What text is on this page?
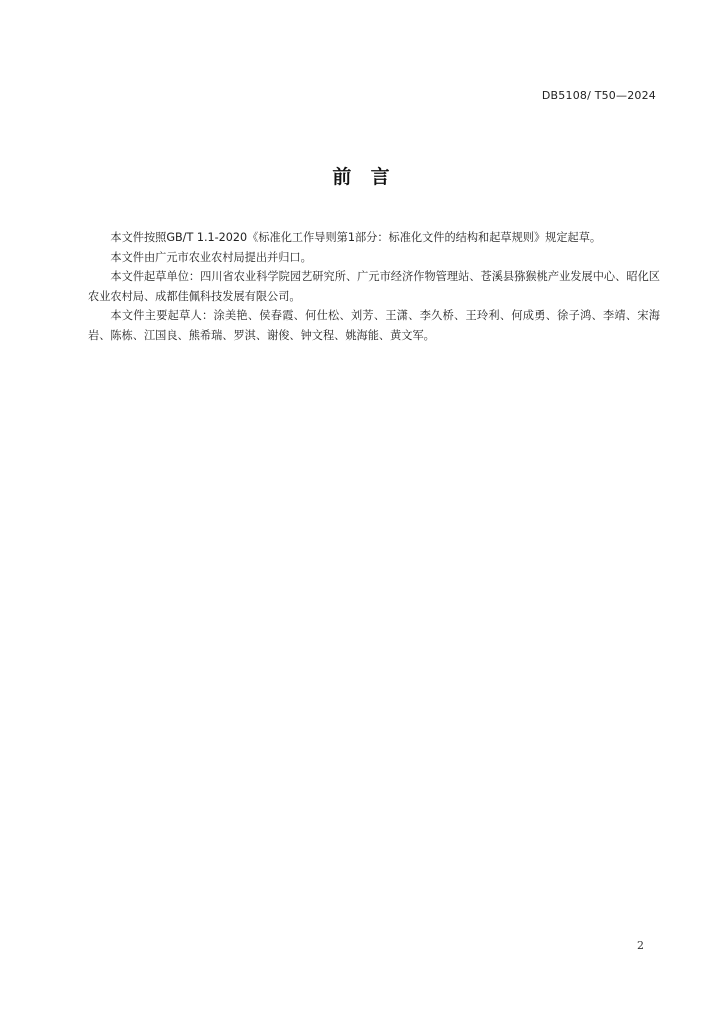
DB5108/ T50—2024
前  言

本文件按照GB/T 1.1-2020《标准化工作导则第1部分：标准化文件的结构和起草规则》规定起草。

本文件由广元市农业农村局提出并归口。

本文件起草单位：四川省农业科学院园艺研究所、广元市经济作物管理站、苍溪县猕猴桃产业发展中心、昭化区农业农村局、成都佳佩科技发展有限公司。

本文件主要起草人：涂美艳、侯春霞、何仕松、刘芳、王潇、李久桥、王玲利、何成勇、徐子鸿、李靖、宋海岩、陈栋、江国良、熊希瑞、罗淇、谢俊、钟文程、姚海能、黄文军。

2
